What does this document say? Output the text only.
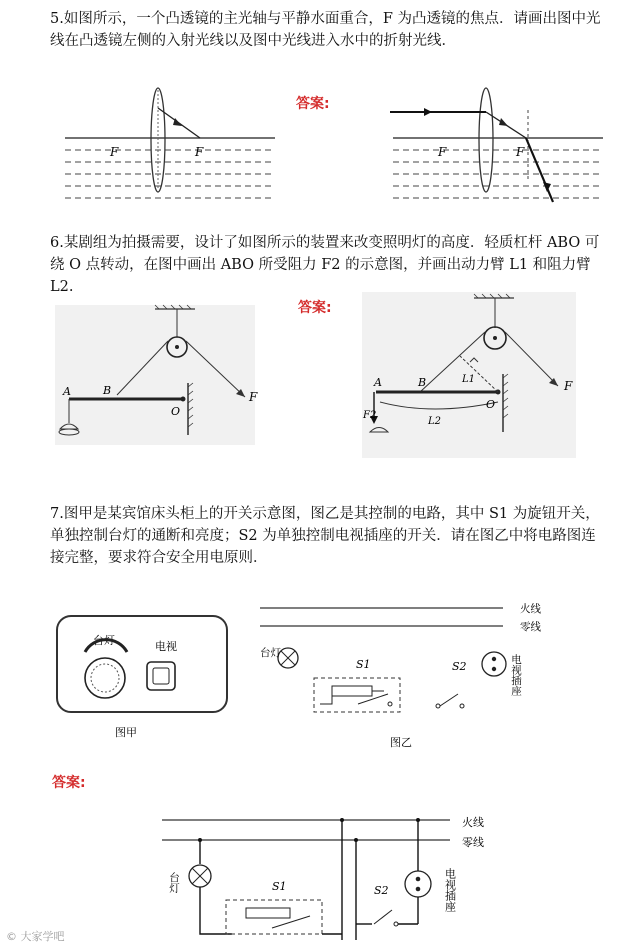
5.如图所示，一个凸透镜的主光轴与平静水面重合，F 为凸透镜的焦点．请画出图中光线在凸透镜左侧的入射光线以及图中光线进入水中的折射光线．
F	F
答案:
F	F
6.某剧组为拍摄需要，设计了如图所示的装置来改变照明灯的高度．轻质杠杆 ABO 可绕 O 点转动，在图中画出 ABO 所受阻力 F2 的示意图，并画出动力臂 L1 和阻力臂 L2.
F
A	B
O
答案:
F
L1
L2
F2
A	B
O
7.图甲是某宾馆床头柜上的开关示意图，图乙是其控制的电路，其中 S1 为旋钮开关，单独控制台灯的通断和亮度；S2 为单独控制电视插座的开关．请在图乙中将电路图连接完整，要求符合安全用电原则．
台灯	电视
图甲
火线
零线
台灯
S1	S2	电视插座
图乙
答案:
火线
零线
台灯	S1	S2	电视插座
© 大家学吧
